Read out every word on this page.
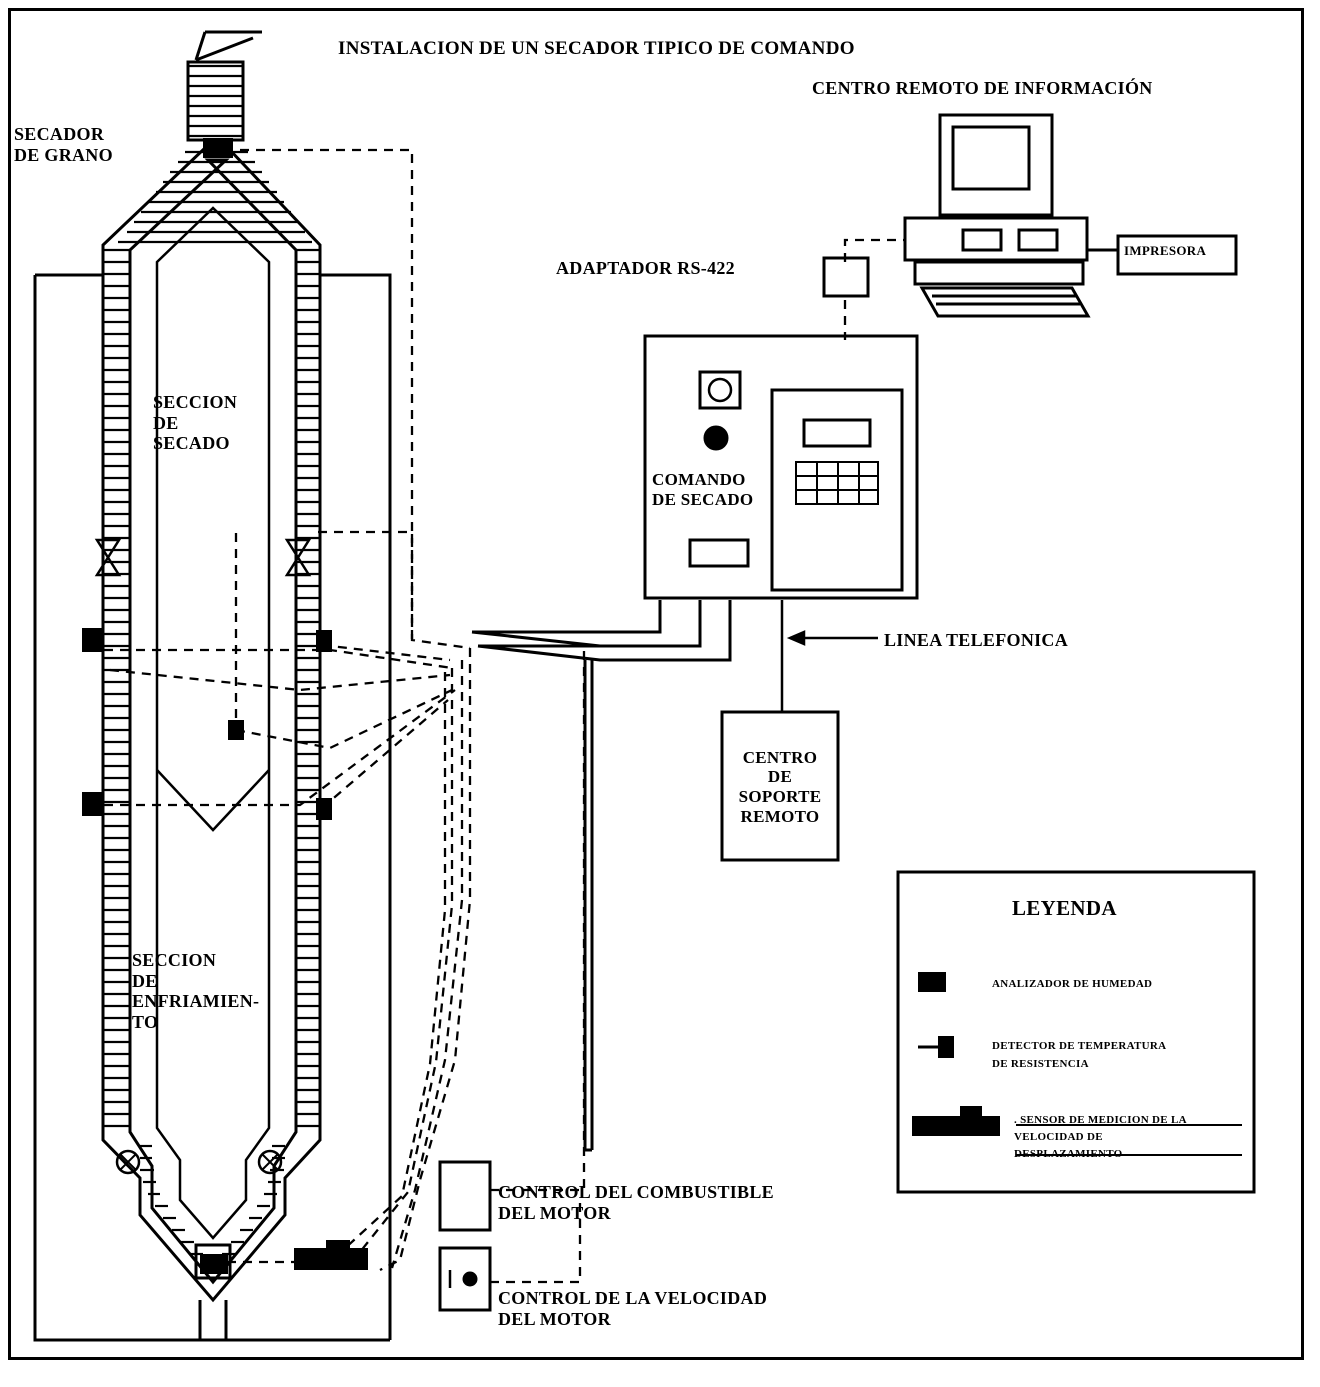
INSTALACION DE UN SECADOR TIPICO DE COMANDO
CENTRO REMOTO DE INFORMACIÓN
SECADOR
DE GRANO
SECCION
DE
SECADO
SECCION
DE
ENFRIAMIEN-
TO
ADAPTADOR RS-422
IMPRESORA
COMANDO
DE SECADO
LINEA TELEFONICA
CENTRO
DE
SOPORTE
REMOTO
CONTROL DEL COMBUSTIBLE
DEL MOTOR
CONTROL DE LA VELOCIDAD
DEL MOTOR
LEYENDA
ANALIZADOR DE HUMEDAD
DETECTOR DE TEMPERATURA
DE RESISTENCIA
. SENSOR DE MEDICION DE LA
VELOCIDAD DE
DESPLAZAMIENTO
